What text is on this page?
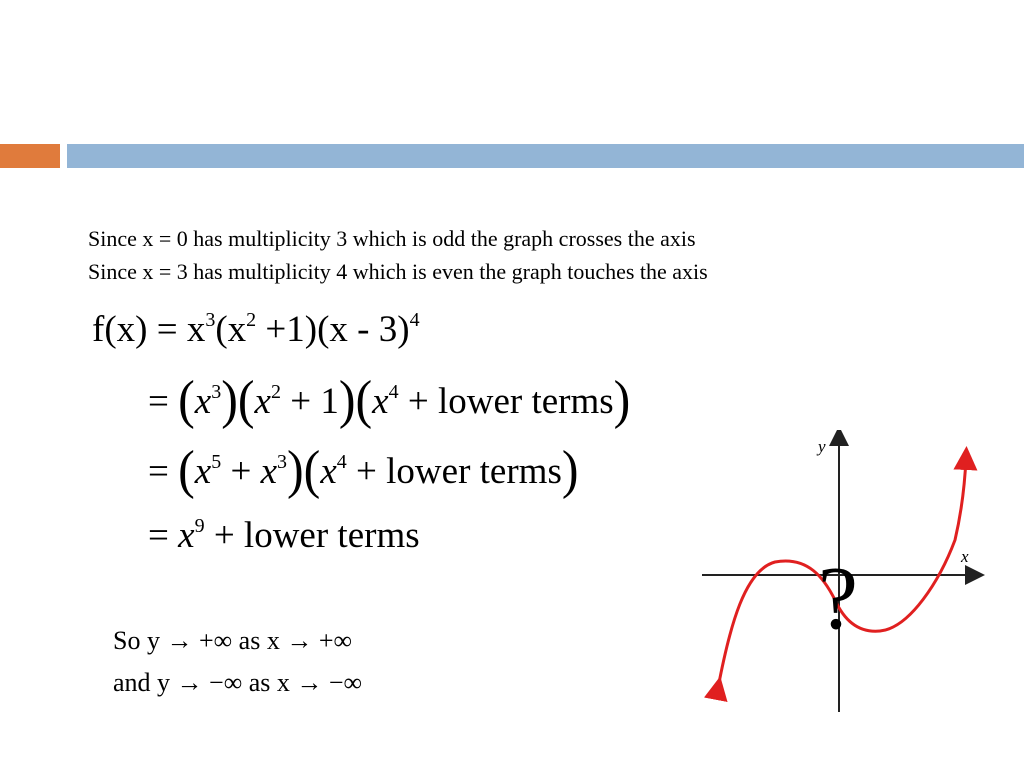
Since x = 0 has multiplicity 3 which is odd the graph crosses the axis
Since x = 3 has multiplicity 4 which is even the graph touches the axis
$f(x) = x^3(x^2 +1)(x - 3)^4$
= $(x^3)(x^2 + 1)(x^4$ + lower terms)
= $(x^5 + x^3)(x^4$ + lower terms)
= $x^9$ + lower terms
So y → +∞ as x → +∞
and y → −∞ as x → −∞
y
x
?
